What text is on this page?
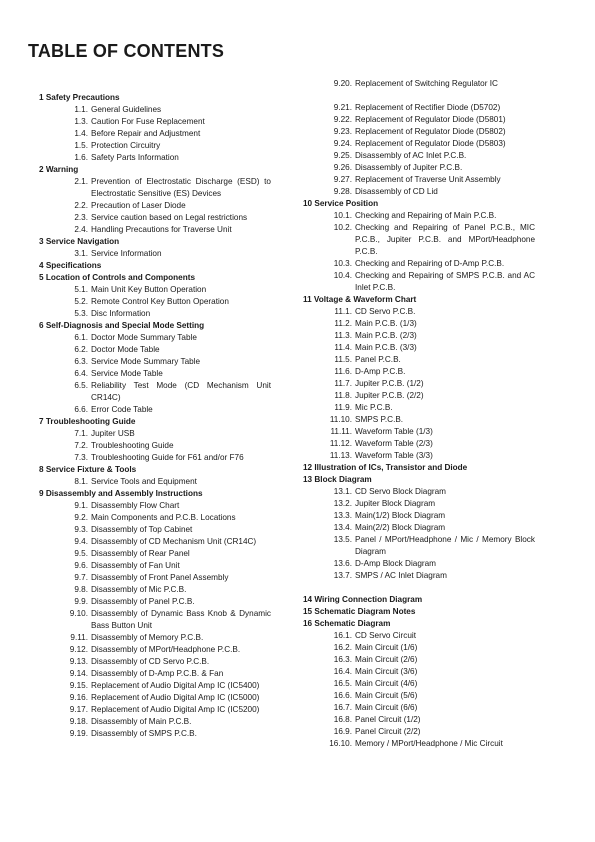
TABLE OF CONTENTS
1 Safety Precautions
1.1. General Guidelines
1.3. Caution For Fuse Replacement
1.4. Before Repair and Adjustment
1.5. Protection Circuitry
1.6. Safety Parts Information
2 Warning
2.1. Prevention of Electrostatic Discharge (ESD) to Electrostatic Sensitive (ES) Devices
2.2. Precaution of Laser Diode
2.3. Service caution based on Legal restrictions
2.4. Handling Precautions for Traverse Unit
3 Service Navigation
3.1. Service Information
4 Specifications
5 Location of Controls and Components
5.1. Main Unit Key Button Operation
5.2. Remote Control Key Button Operation
5.3. Disc Information
6 Self-Diagnosis and Special Mode Setting
6.1. Doctor Mode Summary Table
6.2. Doctor Mode Table
6.3. Service Mode Summary Table
6.4. Service Mode Table
6.5. Reliability Test Mode (CD Mechanism Unit CR14C)
6.6. Error Code Table
7 Troubleshooting Guide
7.1. Jupiter USB
7.2. Troubleshooting Guide
7.3. Troubleshooting Guide for F61 and/or F76
8 Service Fixture & Tools
8.1. Service Tools and Equipment
9 Disassembly and Assembly Instructions
9.1. Disassembly Flow Chart
9.2. Main Components and P.C.B. Locations
9.3. Disassembly of Top Cabinet
9.4. Disassembly of CD Mechanism Unit (CR14C)
9.5. Disassembly of Rear Panel
9.6. Disassembly of Fan Unit
9.7. Disassembly of Front Panel Assembly
9.8. Disassembly of Mic P.C.B.
9.9. Disassembly of Panel P.C.B.
9.10. Disassembly of Dynamic Bass Knob & Dynamic Bass Button Unit
9.11. Disassembly of Memory P.C.B.
9.12. Disassembly of MPort/Headphone P.C.B.
9.13. Disassembly of CD Servo P.C.B.
9.14. Disassembly of D-Amp P.C.B. & Fan
9.15. Replacement of Audio Digital Amp IC (IC5400)
9.16. Replacement of Audio Digital Amp IC (IC5000)
9.17. Replacement of Audio Digital Amp IC (IC5200)
9.18. Disassembly of Main P.C.B.
9.19. Disassembly of SMPS P.C.B.
9.20. Replacement of Switching Regulator IC
9.21. Replacement of Rectifier Diode (D5702)
9.22. Replacement of Regulator Diode (D5801)
9.23. Replacement of Regulator Diode (D5802)
9.24. Replacement of Regulator Diode (D5803)
9.25. Disassembly of AC Inlet P.C.B.
9.26. Disassembly of Jupiter P.C.B.
9.27. Replacement of Traverse Unit Assembly
9.28. Disassembly of CD Lid
10 Service Position
10.1. Checking and Repairing of Main P.C.B.
10.2. Checking and Repairing of Panel P.C.B., MIC P.C.B., Jupiter P.C.B. and MPort/Headphone P.C.B.
10.3. Checking and Repairing of D-Amp P.C.B.
10.4. Checking and Repairing of SMPS P.C.B. and AC Inlet P.C.B.
11 Voltage & Waveform Chart
11.1. CD Servo P.C.B.
11.2. Main P.C.B. (1/3)
11.3. Main P.C.B. (2/3)
11.4. Main P.C.B. (3/3)
11.5. Panel P.C.B.
11.6. D-Amp P.C.B.
11.7. Jupiter P.C.B. (1/2)
11.8. Jupiter P.C.B. (2/2)
11.9. Mic P.C.B.
11.10. SMPS P.C.B.
11.11. Waveform Table (1/3)
11.12. Waveform Table (2/3)
11.13. Waveform Table (3/3)
12 Illustration of ICs, Transistor and Diode
13 Block Diagram
13.1. CD Servo Block Diagram
13.2. Jupiter Block Diagram
13.3. Main(1/2) Block Diagram
13.4. Main(2/2) Block Diagram
13.5. Panel / MPort/Headphone / Mic / Memory Block Diagram
13.6. D-Amp Block Diagram
13.7. SMPS / AC Inlet Diagram
14 Wiring Connection Diagram
15 Schematic Diagram Notes
16 Schematic Diagram
16.1. CD Servo Circuit
16.2. Main Circuit (1/6)
16.3. Main Circuit (2/6)
16.4. Main Circuit (3/6)
16.5. Main Circuit (4/6)
16.6. Main Circuit (5/6)
16.7. Main Circuit (6/6)
16.8. Panel Circuit (1/2)
16.9. Panel Circuit (2/2)
16.10. Memory / MPort/Headphone / Mic Circuit
